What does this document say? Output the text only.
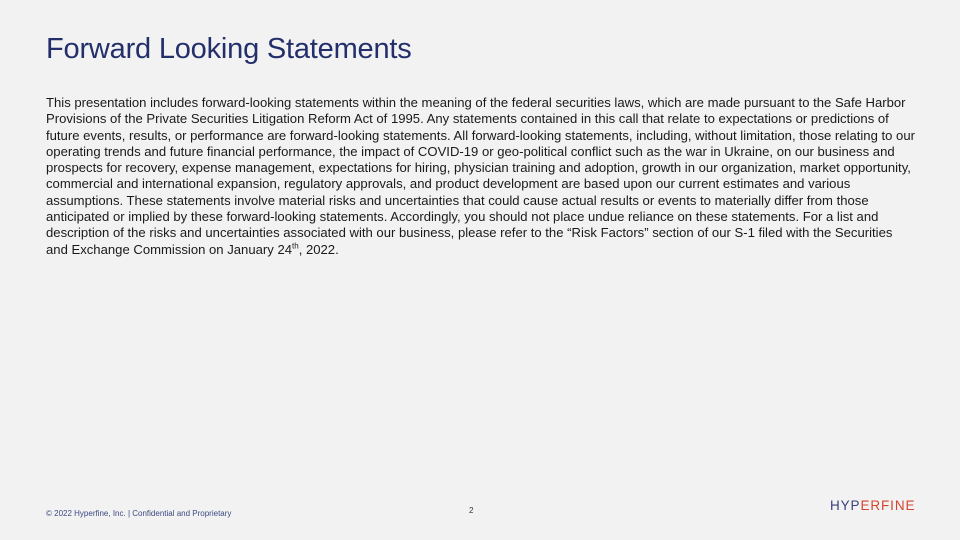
Forward Looking Statements

This presentation includes forward-looking statements within the meaning of the federal securities laws, which are made pursuant to the Safe Harbor Provisions of the Private Securities Litigation Reform Act of 1995. Any statements contained in this call that relate to expectations or predictions of future events, results, or performance are forward-looking statements. All forward-looking statements, including, without limitation, those relating to our operating trends and future financial performance, the impact of COVID-19 or geo-political conflict such as the war in Ukraine, on our business and prospects for recovery, expense management, expectations for hiring, physician training and adoption, growth in our organization, market opportunity, commercial and international expansion, regulatory approvals, and product development are based upon our current estimates and various assumptions. These statements involve material risks and uncertainties that could cause actual results or events to materially differ from those anticipated or implied by these forward-looking statements. Accordingly, you should not place undue reliance on these statements. For a list and description of the risks and uncertainties associated with our business, please refer to the “Risk Factors” section of our S-1 filed with the Securities and Exchange Commission on January 24th, 2022.

© 2022 Hyperfine, Inc. | Confidential and Proprietary	2	HYPERFINE
